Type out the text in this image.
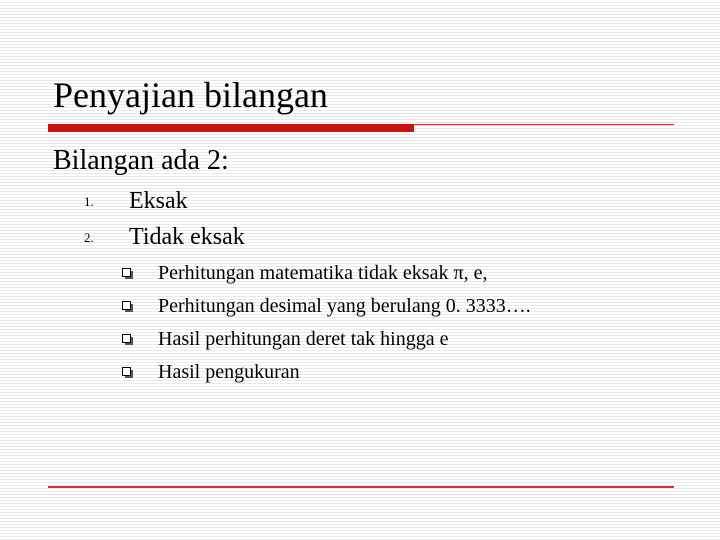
Penyajian bilangan
Bilangan ada 2:
1.	Eksak
2.	Tidak eksak
Perhitungan matematika tidak eksak π, e,
Perhitungan desimal yang berulang 0. 3333….
Hasil perhitungan deret tak hingga e
Hasil pengukuran
